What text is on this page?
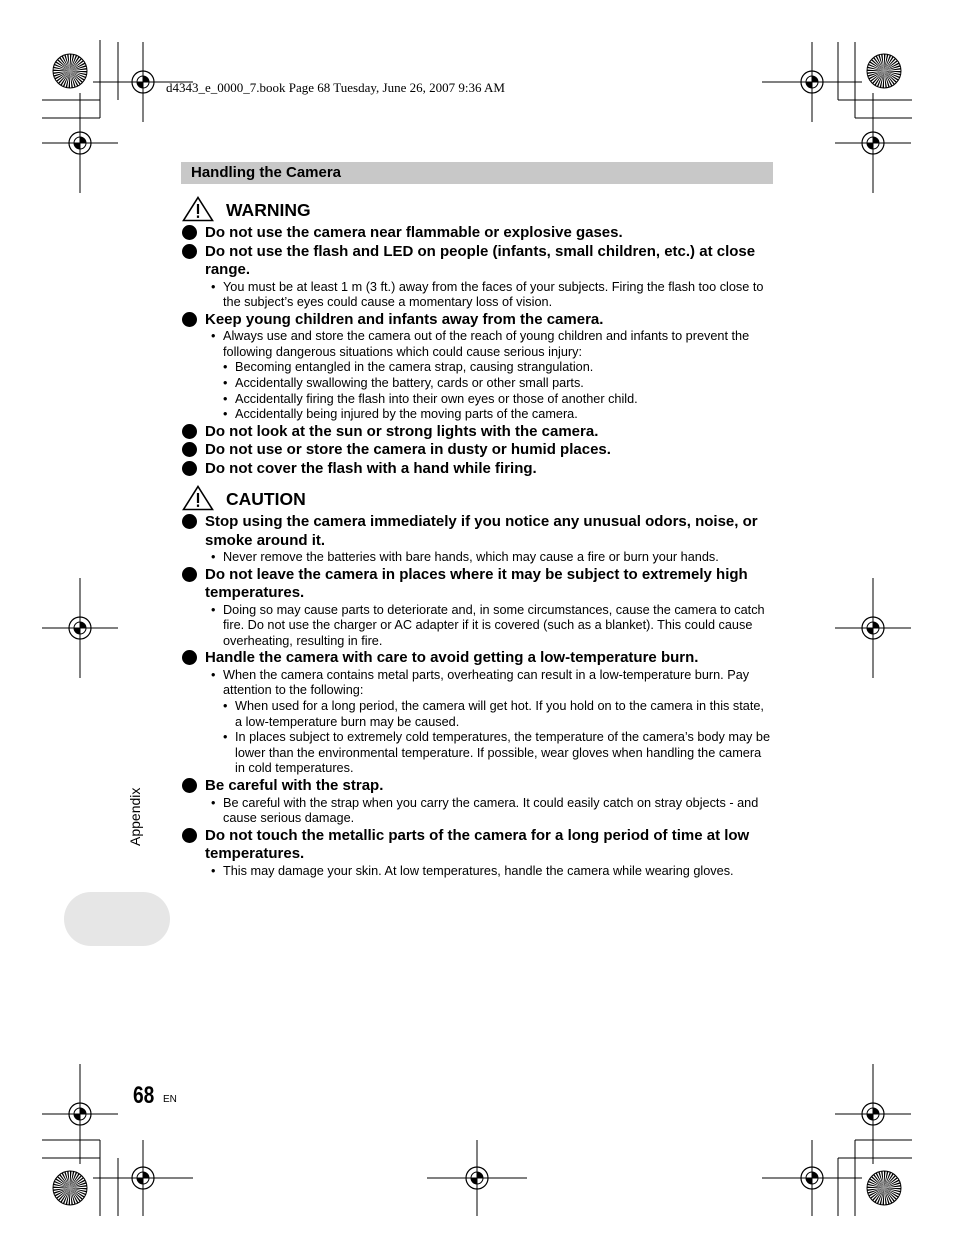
d4343_e_0000_7.book Page 68 Tuesday, June 26, 2007 9:36 AM
Handling the Camera
WARNING
Do not use the camera near flammable or explosive gases.
Do not use the flash and LED on people (infants, small children, etc.) at close range.
• You must be at least 1 m (3 ft.) away from the faces of your subjects. Firing the flash too close to the subject’s eyes could cause a momentary loss of vision.
Keep young children and infants away from the camera.
• Always use and store the camera out of the reach of young children and infants to prevent the following dangerous situations which could cause serious injury:
• Becoming entangled in the camera strap, causing strangulation.
• Accidentally swallowing the battery, cards or other small parts.
• Accidentally firing the flash into their own eyes or those of another child.
• Accidentally being injured by the moving parts of the camera.
Do not look at the sun or strong lights with the camera.
Do not use or store the camera in dusty or humid places.
Do not cover the flash with a hand while firing.
CAUTION
Stop using the camera immediately if you notice any unusual odors, noise, or smoke around it.
• Never remove the batteries with bare hands, which may cause a fire or burn your hands.
Do not leave the camera in places where it may be subject to extremely high temperatures.
• Doing so may cause parts to deteriorate and, in some circumstances, cause the camera to catch fire. Do not use the charger or AC adapter if it is covered (such as a blanket). This could cause overheating, resulting in fire.
Handle the camera with care to avoid getting a low-temperature burn.
• When the camera contains metal parts, overheating can result in a low-temperature burn. Pay attention to the following:
• When used for a long period, the camera will get hot. If you hold on to the camera in this state, a low-temperature burn may be caused.
• In places subject to extremely cold temperatures, the temperature of the camera’s body may be lower than the environmental temperature. If possible, wear gloves when handling the camera in cold temperatures.
Be careful with the strap.
• Be careful with the strap when you carry the camera. It could easily catch on stray objects - and cause serious damage.
Do not touch the metallic parts of the camera for a long period of time at low temperatures.
• This may damage your skin. At low temperatures, handle the camera while wearing gloves.
Appendix
68 EN
